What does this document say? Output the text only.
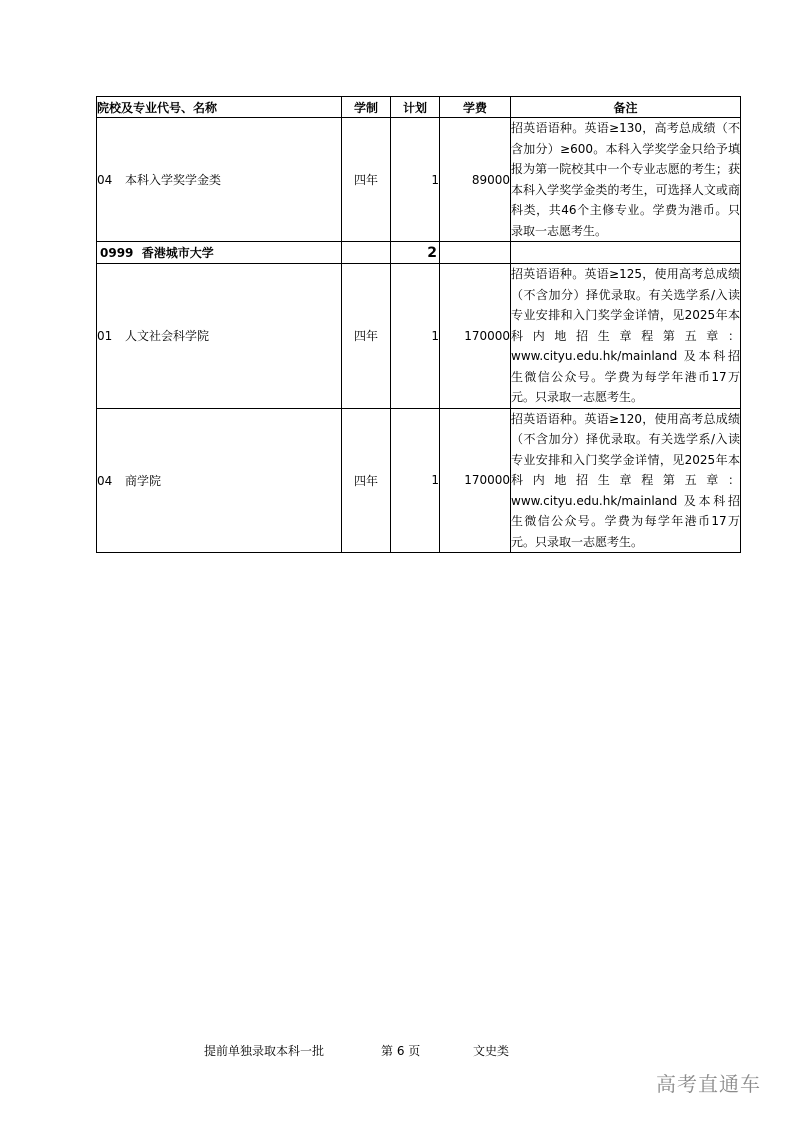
院校及专业代号、名称	学制	计划	学费	备注
04 本科入学奖学金类	四年	1	89000	招英语语种。英语≥130，高考总成绩（不含加分）≥600。本科入学奖学金只给予填报为第一院校其中一个专业志愿的考生；获本科入学奖学金类的考生，可选择人文或商科类，共46个主修专业。学费为港币。只录取一志愿考生。
0999 香港城市大学		2		
01 人文社会科学院	四年	1	170000	招英语语种。英语≥125，使用高考总成绩（不含加分）择优录取。有关选学系/入读专业安排和入门奖学金详情，见2025年本科内地招生章程第五章：www.cityu.edu.hk/mainland 及本科招生微信公众号。学费为每学年港币17万元。只录取一志愿考生。
04 商学院	四年	1	170000	招英语语种。英语≥120，使用高考总成绩（不含加分）择优录取。有关选学系/入读专业安排和入门奖学金详情，见2025年本科内地招生章程第五章：www.cityu.edu.hk/mainland 及本科招生微信公众号。学费为每学年港币17万元。只录取一志愿考生。
提前单独录取本科一批	第 6 页	文史类
高考直通车
